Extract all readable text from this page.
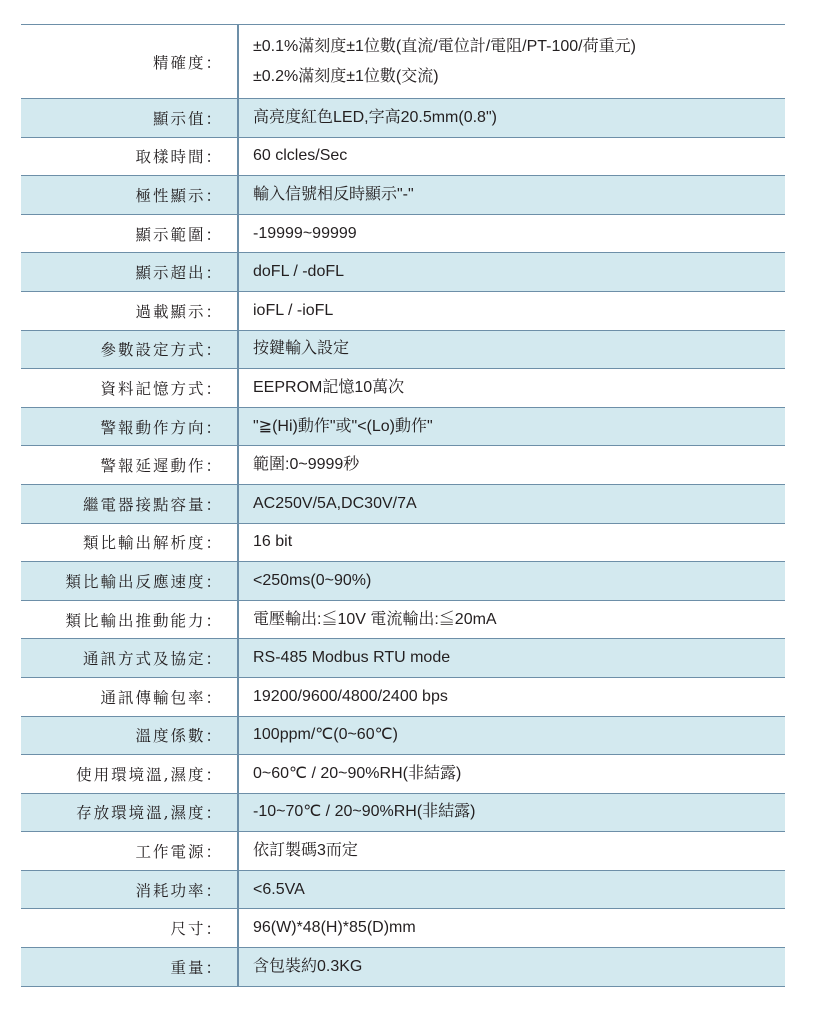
精確度：
±0.1%滿刻度±1位數(直流/電位計/電阻/PT-100/荷重元)
±0.2%滿刻度±1位數(交流)
顯示值：	高亮度紅色LED,字高20.5mm(0.8")
取樣時間：	60 clcles/Sec
極性顯示：	輸入信號相反時顯示"-"
顯示範圍：	-19999~99999
顯示超出：	doFL / -doFL
過載顯示：	ioFL / -ioFL
參數設定方式：	按鍵輸入設定
資料記憶方式：	EEPROM記憶10萬次
警報動作方向：	"≧(Hi)動作"或"<(Lo)動作"
警報延遲動作：	範圍:0~9999秒
繼電器接點容量：	AC250V/5A,DC30V/7A
類比輸出解析度：	16 bit
類比輸出反應速度：	<250ms(0~90%)
類比輸出推動能力：	電壓輸出:≦10V 電流輸出:≦20mA
通訊方式及協定：	RS-485 Modbus RTU mode
通訊傳輸包率：	19200/9600/4800/2400 bps
溫度係數：	100ppm/℃(0~60℃)
使用環境溫,濕度：	0~60℃ / 20~90%RH(非結露)
存放環境溫,濕度：	-10~70℃ / 20~90%RH(非結露)
工作電源：	依訂製碼3而定
消耗功率：	<6.5VA
尺寸：	96(W)*48(H)*85(D)mm
重量：	含包裝約0.3KG
